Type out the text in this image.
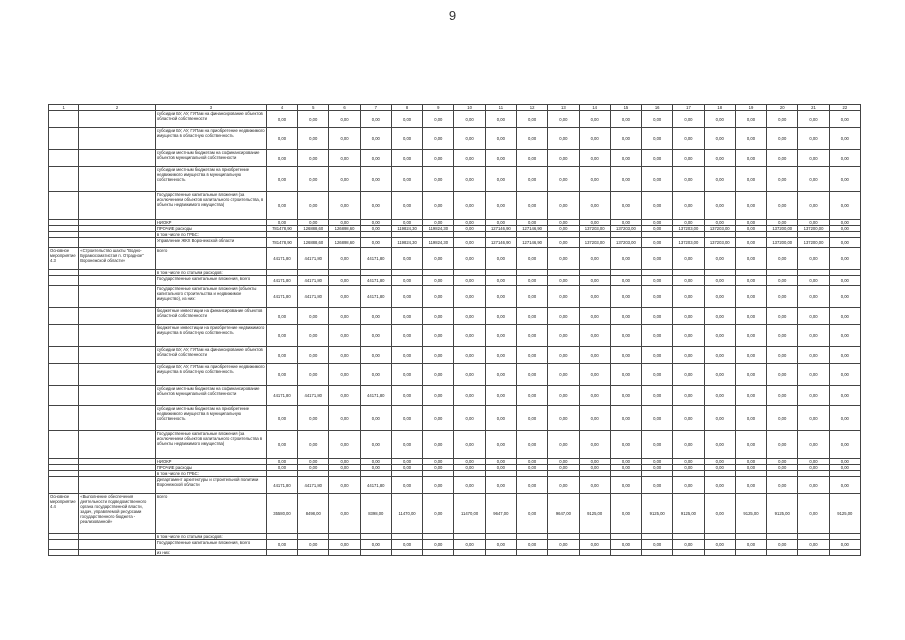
9
1	2	3	4	5	6	7	8	9	10	11	12	13	14	15	16	17	18	19	20	21	22
		субсидии БУ, АУ, ГУПам на финансирование объектов областной собственности	0,00	0,00	0,00	0,00	0,00	0,00	0,00	0,00	0,00	0,00	0,00	0,00	0,00	0,00	0,00	0,00	0,00	0,00	0,00
		субсидии БУ, АУ, ГУПам на приобретение недвижимого имущества в областную собственность	0,00	0,00	0,00	0,00	0,00	0,00	0,00	0,00	0,00	0,00	0,00	0,00	0,00	0,00	0,00	0,00	0,00	0,00	0,00
		субсидии местным бюджетам на софинансирование объектов муниципальной собственности	0,00	0,00	0,00	0,00	0,00	0,00	0,00	0,00	0,00	0,00	0,00	0,00	0,00	0,00	0,00	0,00	0,00	0,00	0,00
		субсидии местным бюджетам на приобретение недвижимого имущества в муниципальную собственность	0,00	0,00	0,00	0,00	0,00	0,00	0,00	0,00	0,00	0,00	0,00	0,00	0,00	0,00	0,00	0,00	0,00	0,00	0,00
		Государственные капитальные вложения (за исключением объектов капитального строительства, в объекты недвижимого имущества)	0,00	0,00	0,00	0,00	0,00	0,00	0,00	0,00	0,00	0,00	0,00	0,00	0,00	0,00	0,00	0,00	0,00	0,00	0,00
		НИОКР	0,00	0,00	0,00	0,00	0,00	0,00	0,00	0,00	0,00	0,00	0,00	0,00	0,00	0,00	0,00	0,00	0,00	0,00	0,00
		ПРОЧИЕ расходы	781478,90	126888,60	126898,60	0,00	119824,30	119824,30	0,00	127146,90	127146,90	0,00	137203,00	137203,00	0,00	137203,00	137203,00	0,00	137200,00	137200,00	0,00
		в том числе по ГРБС:																			
		Управление ЖКХ Воронежской области	781478,90	126888,60	126898,60	0,00	119824,30	119824,30	0,00	127146,90	127146,90	0,00	137203,00	137203,00	0,00	137203,00	137203,00	0,00	137200,00	137200,00	0,00
Основное мероприятие 4.3	«Строительство шахты "Водно-Бурамосоматистая п. Отрадное" Воронежской области»	всего	44171,80	44171,80	0,00	44171,80	0,00	0,00	0,00	0,00	0,00	0,00	0,00	0,00	0,00	0,00	0,00	0,00	0,00	0,00	0,00
		в том числе по статьям расходов:																			
		Государственные капитальные вложения, всего	44171,80	44171,80	0,00	44171,80	0,00	0,00	0,00	0,00	0,00	0,00	0,00	0,00	0,00	0,00	0,00	0,00	0,00	0,00	0,00
		Государственные капитальные вложения (объекты капитального строительства и недвижимое имущество), из них:	44171,80	44171,80	0,00	44171,80	0,00	0,00	0,00	0,00	0,00	0,00	0,00	0,00	0,00	0,00	0,00	0,00	0,00	0,00	0,00
		бюджетные инвестиции на финансирование объектов областной собственности	0,00	0,00	0,00	0,00	0,00	0,00	0,00	0,00	0,00	0,00	0,00	0,00	0,00	0,00	0,00	0,00	0,00	0,00	0,00
		бюджетные инвестиции на приобретение недвижимого имущества в областную собственность	0,00	0,00	0,00	0,00	0,00	0,00	0,00	0,00	0,00	0,00	0,00	0,00	0,00	0,00	0,00	0,00	0,00	0,00	0,00
		субсидии БУ, АУ, ГУПам на финансирование объектов областной собственности	0,00	0,00	0,00	0,00	0,00	0,00	0,00	0,00	0,00	0,00	0,00	0,00	0,00	0,00	0,00	0,00	0,00	0,00	0,00
		субсидии БУ, АУ, ГУПам на приобретение недвижимого имущества в областную собственность	0,00	0,00	0,00	0,00	0,00	0,00	0,00	0,00	0,00	0,00	0,00	0,00	0,00	0,00	0,00	0,00	0,00	0,00	0,00
		субсидии местным бюджетам на софинансирование объектов муниципальной собственности	44171,80	44171,80	0,00	44171,80	0,00	0,00	0,00	0,00	0,00	0,00	0,00	0,00	0,00	0,00	0,00	0,00	0,00	0,00	0,00
		субсидии местным бюджетам на приобретение недвижимого имущества в муниципальную собственность	0,00	0,00	0,00	0,00	0,00	0,00	0,00	0,00	0,00	0,00	0,00	0,00	0,00	0,00	0,00	0,00	0,00	0,00	0,00
		Государственные капитальные вложения (за исключением объектов капитального строительства в объекты недвижимого имущества)	0,00	0,00	0,00	0,00	0,00	0,00	0,00	0,00	0,00	0,00	0,00	0,00	0,00	0,00	0,00	0,00	0,00	0,00	0,00
		НИОКР	0,00	0,00	0,00	0,00	0,00	0,00	0,00	0,00	0,00	0,00	0,00	0,00	0,00	0,00	0,00	0,00	0,00	0,00	0,00
		ПРОЧИЕ расходы	0,00	0,00	0,00	0,00	0,00	0,00	0,00	0,00	0,00	0,00	0,00	0,00	0,00	0,00	0,00	0,00	0,00	0,00	0,00
		в том числе по ГРБС:																			
		Департамент архитектуры и строительной политики Воронежской области	44171,80	44171,80	0,00	44171,80	0,00	0,00	0,00	0,00	0,00	0,00	0,00	0,00	0,00	0,00	0,00	0,00	0,00	0,00	0,00
Основное мероприятие 4.4	«Выполнение обеспечения деятельности подведомственного органа государственной власти, задач, управляемой ресурсами государственного бюджета - реализованной»	всего	35580,00	8498,00	0,00	8398,00	11470,00	0,00	11470,00	9647,00	0,00	9647,00	9125,00	0,00	9125,00	9125,00	0,00	9125,00	9125,00	0,00	9125,00
		в том числе по статьям расходов:																			
		Государственные капитальные вложения, всего	0,00	0,00	0,00	0,00	0,00	0,00	0,00	0,00	0,00	0,00	0,00	0,00	0,00	0,00	0,00	0,00	0,00	0,00	0,00
		из них:																			
